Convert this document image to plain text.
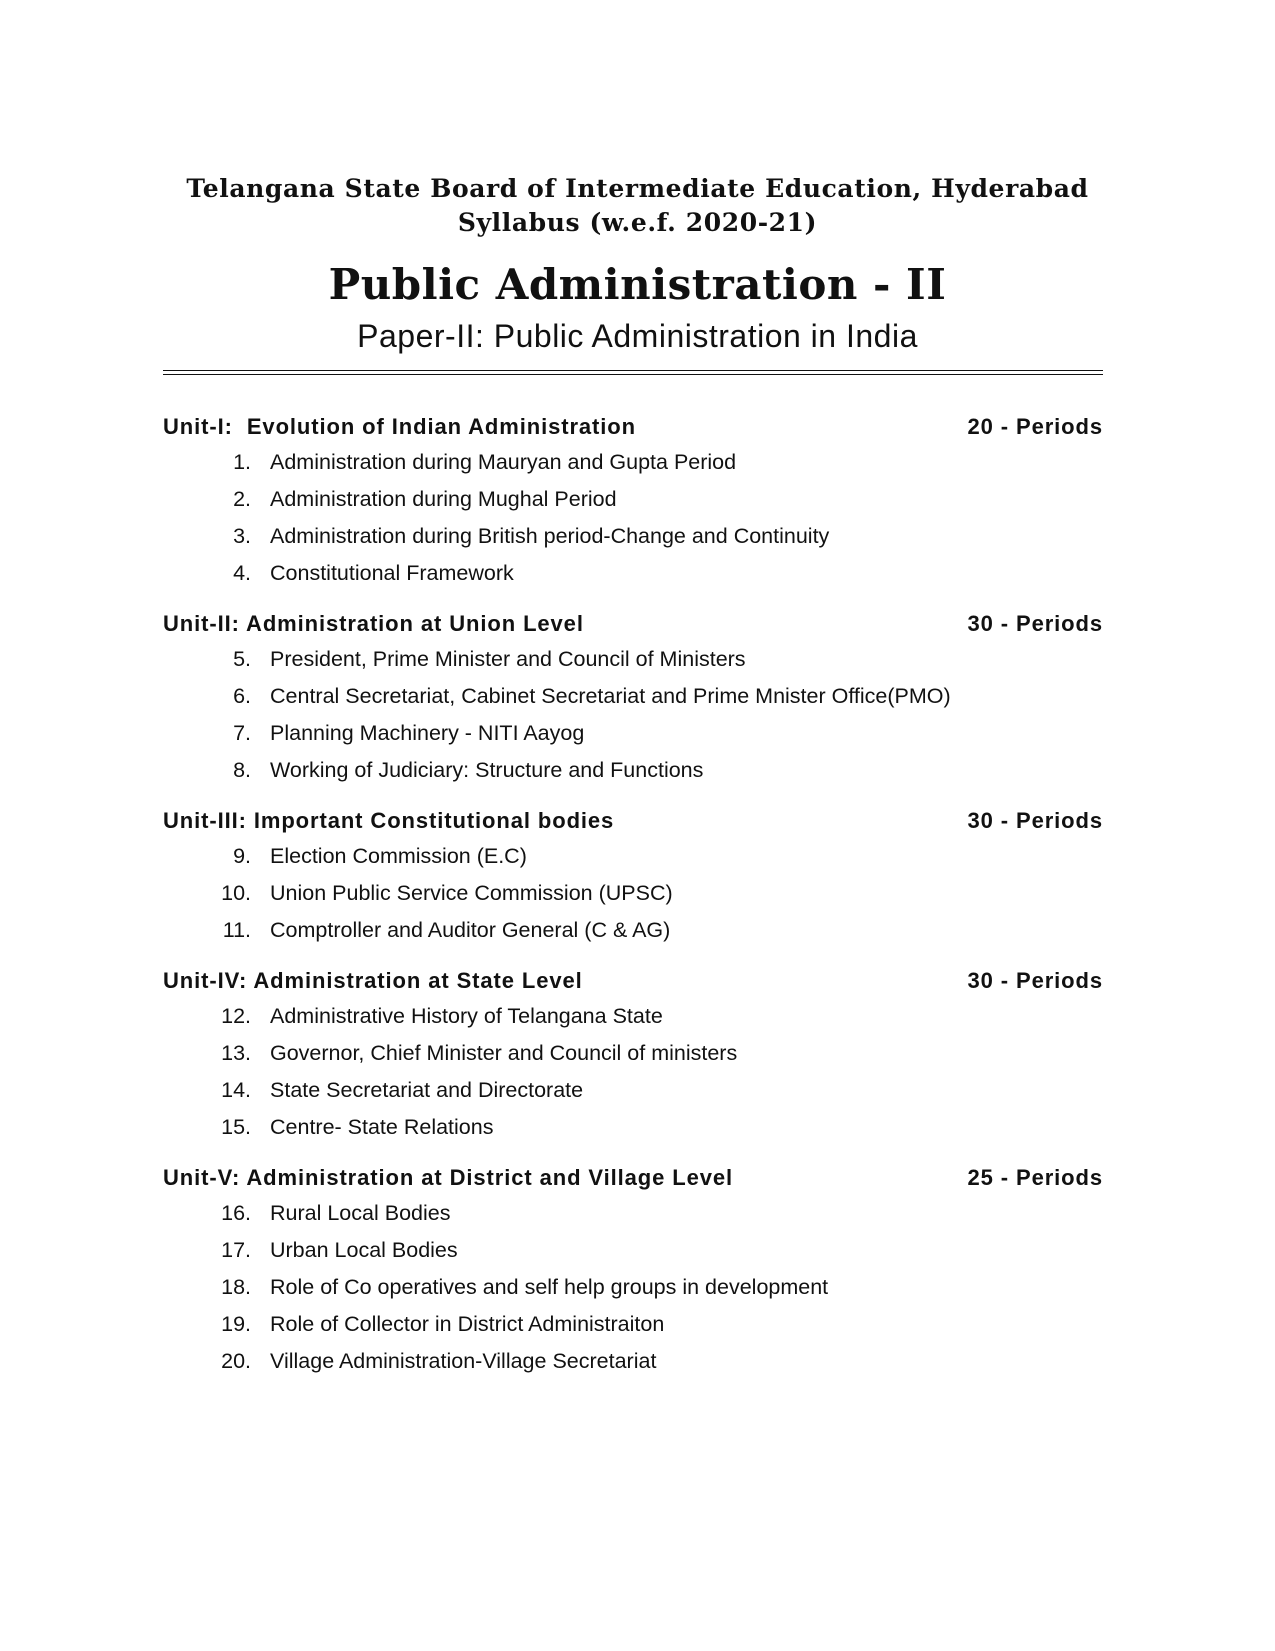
Telangana State Board of Intermediate Education, Hyderabad
Syllabus (w.e.f. 2020-21)
Public Administration - II
Paper-II: Public Administration in India
Unit-I:  Evolution of Indian Administration	20 - Periods
1. Administration during Mauryan and Gupta Period
2. Administration during Mughal Period
3. Administration during British period-Change and Continuity
4. Constitutional Framework
Unit-II: Administration at Union Level	30 - Periods
5. President, Prime Minister and Council of Ministers
6. Central Secretariat, Cabinet Secretariat and Prime Mnister Office(PMO)
7. Planning Machinery - NITI Aayog
8. Working of Judiciary: Structure and Functions
Unit-III: Important Constitutional bodies	30 - Periods
9. Election Commission (E.C)
10. Union Public Service Commission (UPSC)
11. Comptroller and Auditor General (C & AG)
Unit-IV: Administration at State Level	30 - Periods
12. Administrative History of Telangana State
13. Governor, Chief Minister and Council of ministers
14. State Secretariat and Directorate
15. Centre- State Relations
Unit-V: Administration at District and Village Level	25 - Periods
16. Rural Local Bodies
17. Urban Local Bodies
18. Role of Co operatives and self help groups in development
19. Role of Collector in District Administraiton
20. Village Administration-Village Secretariat
